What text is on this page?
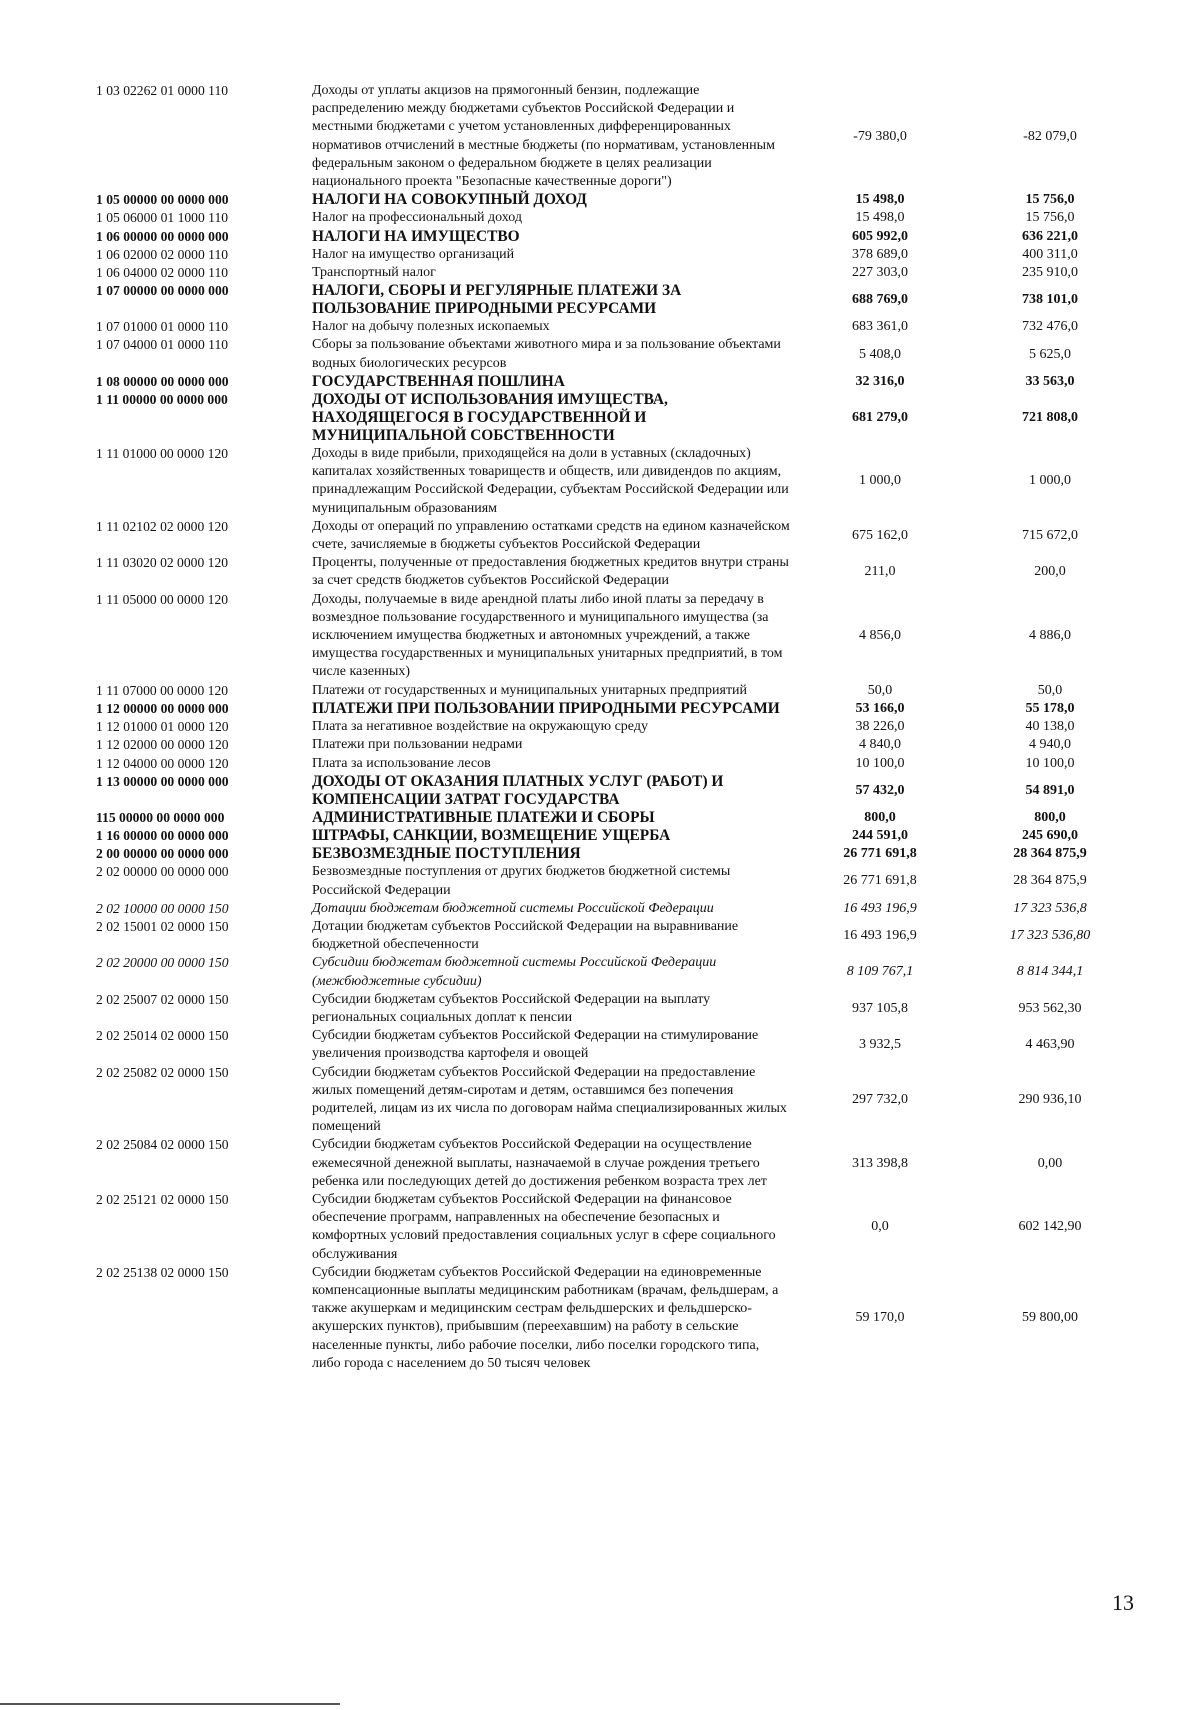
1 03 02262 01 0000 110	Доходы от уплаты акцизов на прямогонный бензин, подлежащие распределению между бюджетами субъектов Российской Федерации и местными бюджетами с учетом установленных дифференцированных нормативов отчислений в местные бюджеты (по нормативам, установленным федеральным законом о федеральном бюджете в целях реализации национального проекта "Безопасные качественные дороги")	-79 380,0	-82 079,0
1 05 00000 00 0000 000	НАЛОГИ НА СОВОКУПНЫЙ ДОХОД	15 498,0	15 756,0
1 05 06000 01 1000 110	Налог на профессиональный доход	15 498,0	15 756,0
1 06 00000 00 0000 000	НАЛОГИ НА ИМУЩЕСТВО	605 992,0	636 221,0
1 06 02000 02 0000 110	Налог на имущество организаций	378 689,0	400 311,0
1 06 04000 02 0000 110	Транспортный налог	227 303,0	235 910,0
1 07 00000 00 0000 000	НАЛОГИ, СБОРЫ И РЕГУЛЯРНЫЕ ПЛАТЕЖИ ЗА ПОЛЬЗОВАНИЕ ПРИРОДНЫМИ РЕСУРСАМИ	688 769,0	738 101,0
1 07 01000 01 0000 110	Налог на добычу полезных ископаемых	683 361,0	732 476,0
1 07 04000 01 0000 110	Сборы за пользование объектами животного мира и за пользование объектами водных биологических ресурсов	5 408,0	5 625,0
1 08 00000 00 0000 000	ГОСУДАРСТВЕННАЯ ПОШЛИНА	32 316,0	33 563,0
1 11 00000 00 0000 000	ДОХОДЫ ОТ ИСПОЛЬЗОВАНИЯ ИМУЩЕСТВА, НАХОДЯЩЕГОСЯ В ГОСУДАРСТВЕННОЙ И МУНИЦИПАЛЬНОЙ СОБСТВЕННОСТИ	681 279,0	721 808,0
1 11 01000 00 0000 120	Доходы в виде прибыли, приходящейся на доли в уставных (складочных) капиталах хозяйственных товариществ и обществ, или дивидендов по акциям, принадлежащим Российской Федерации, субъектам Российской Федерации или муниципальным образованиям	1 000,0	1 000,0
1 11 02102 02 0000 120	Доходы от операций по управлению остатками средств на едином казначейском счете, зачисляемые в бюджеты субъектов Российской Федерации	675 162,0	715 672,0
1 11 03020 02 0000 120	Проценты, полученные от предоставления бюджетных кредитов внутри страны за счет средств бюджетов субъектов Российской Федерации	211,0	200,0
1 11 05000 00 0000 120	Доходы, получаемые в виде арендной платы либо иной платы за передачу в возмездное пользование государственного и муниципального имущества (за исключением имущества бюджетных и автономных учреждений, а также имущества государственных и муниципальных унитарных предприятий, в том числе казенных)	4 856,0	4 886,0
1 11 07000 00 0000 120	Платежи от государственных и муниципальных унитарных предприятий	50,0	50,0
1 12 00000 00 0000 000	ПЛАТЕЖИ ПРИ ПОЛЬЗОВАНИИ ПРИРОДНЫМИ РЕСУРСАМИ	53 166,0	55 178,0
1 12 01000 01 0000 120	Плата за негативное воздействие на окружающую среду	38 226,0	40 138,0
1 12 02000 00 0000 120	Платежи при пользовании недрами	4 840,0	4 940,0
1 12 04000 00 0000 120	Плата за использование лесов	10 100,0	10 100,0
1 13 00000 00 0000 000	ДОХОДЫ ОТ ОКАЗАНИЯ ПЛАТНЫХ УСЛУГ (РАБОТ) И КОМПЕНСАЦИИ ЗАТРАТ ГОСУДАРСТВА	57 432,0	54 891,0
115 00000 00 0000 000	АДМИНИСТРАТИВНЫЕ ПЛАТЕЖИ И СБОРЫ	800,0	800,0
1 16 00000 00 0000 000	ШТРАФЫ, САНКЦИИ, ВОЗМЕЩЕНИЕ УЩЕРБА	244 591,0	245 690,0
2 00 00000 00 0000 000	БЕЗВОЗМЕЗДНЫЕ ПОСТУПЛЕНИЯ	26 771 691,8	28 364 875,9
2 02 00000 00 0000 000	Безвозмездные поступления от других бюджетов бюджетной системы Российской Федерации	26 771 691,8	28 364 875,9
2 02 10000 00 0000 150	Дотации бюджетам бюджетной системы Российской Федерации	16 493 196,9	17 323 536,8
2 02 15001 02 0000 150	Дотации бюджетам субъектов Российской Федерации на выравнивание бюджетной обеспеченности	16 493 196,9	17 323 536,80
2 02 20000 00 0000 150	Субсидии бюджетам бюджетной системы Российской Федерации (межбюджетные субсидии)	8 109 767,1	8 814 344,1
2 02 25007 02 0000 150	Субсидии бюджетам субъектов Российской Федерации на выплату региональных социальных доплат к пенсии	937 105,8	953 562,30
2 02 25014 02 0000 150	Субсидии бюджетам субъектов Российской Федерации на стимулирование увеличения производства картофеля и овощей	3 932,5	4 463,90
2 02 25082 02 0000 150	Субсидии бюджетам субъектов Российской Федерации на предоставление жилых помещений детям-сиротам и детям, оставшимся без попечения родителей, лицам из их числа по договорам найма специализированных жилых помещений	297 732,0	290 936,10
2 02 25084 02 0000 150	Субсидии бюджетам субъектов Российской Федерации на осуществление ежемесячной денежной выплаты, назначаемой в случае рождения третьего ребенка или последующих детей до достижения ребенком возраста трех лет	313 398,8	0,00
2 02 25121 02 0000 150	Субсидии бюджетам субъектов Российской Федерации на финансовое обеспечение программ, направленных на обеспечение безопасных и комфортных условий предоставления социальных услуг в сфере социального обслуживания	0,0	602 142,90
2 02 25138 02 0000 150	Субсидии бюджетам субъектов Российской Федерации на единовременные компенсационные выплаты медицинским работникам (врачам, фельдшерам, а также акушеркам и медицинским сестрам фельдшерских и фельдшерско-акушерских пунктов), прибывшим (переехавшим) на работу в сельские населенные пункты, либо рабочие поселки, либо поселки городского типа, либо города с населением до 50 тысяч человек	59 170,0	59 800,00
13
